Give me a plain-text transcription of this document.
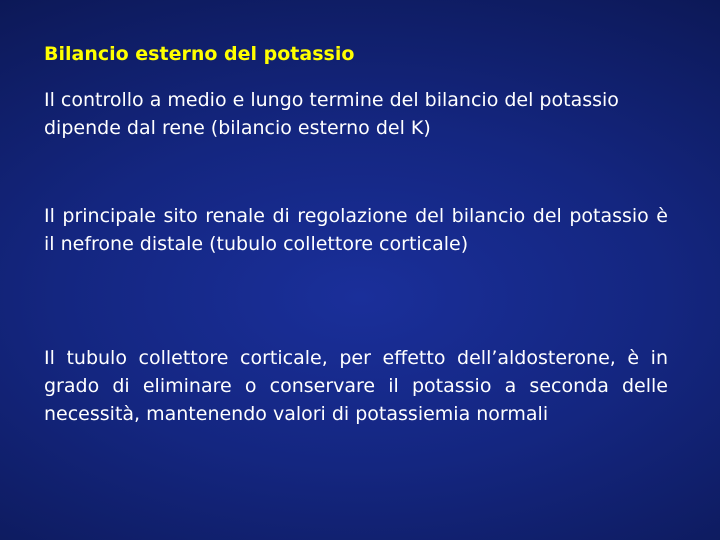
Bilancio esterno del potassio

Il controllo a medio e lungo termine del bilancio del potassio dipende dal rene (bilancio esterno del K)

Il principale sito renale di regolazione del bilancio del potassio è il nefrone distale (tubulo collettore corticale)

Il tubulo collettore corticale, per effetto dell’aldosterone, è in grado di eliminare o conservare il potassio a seconda delle necessità, mantenendo valori di potassiemia normali
